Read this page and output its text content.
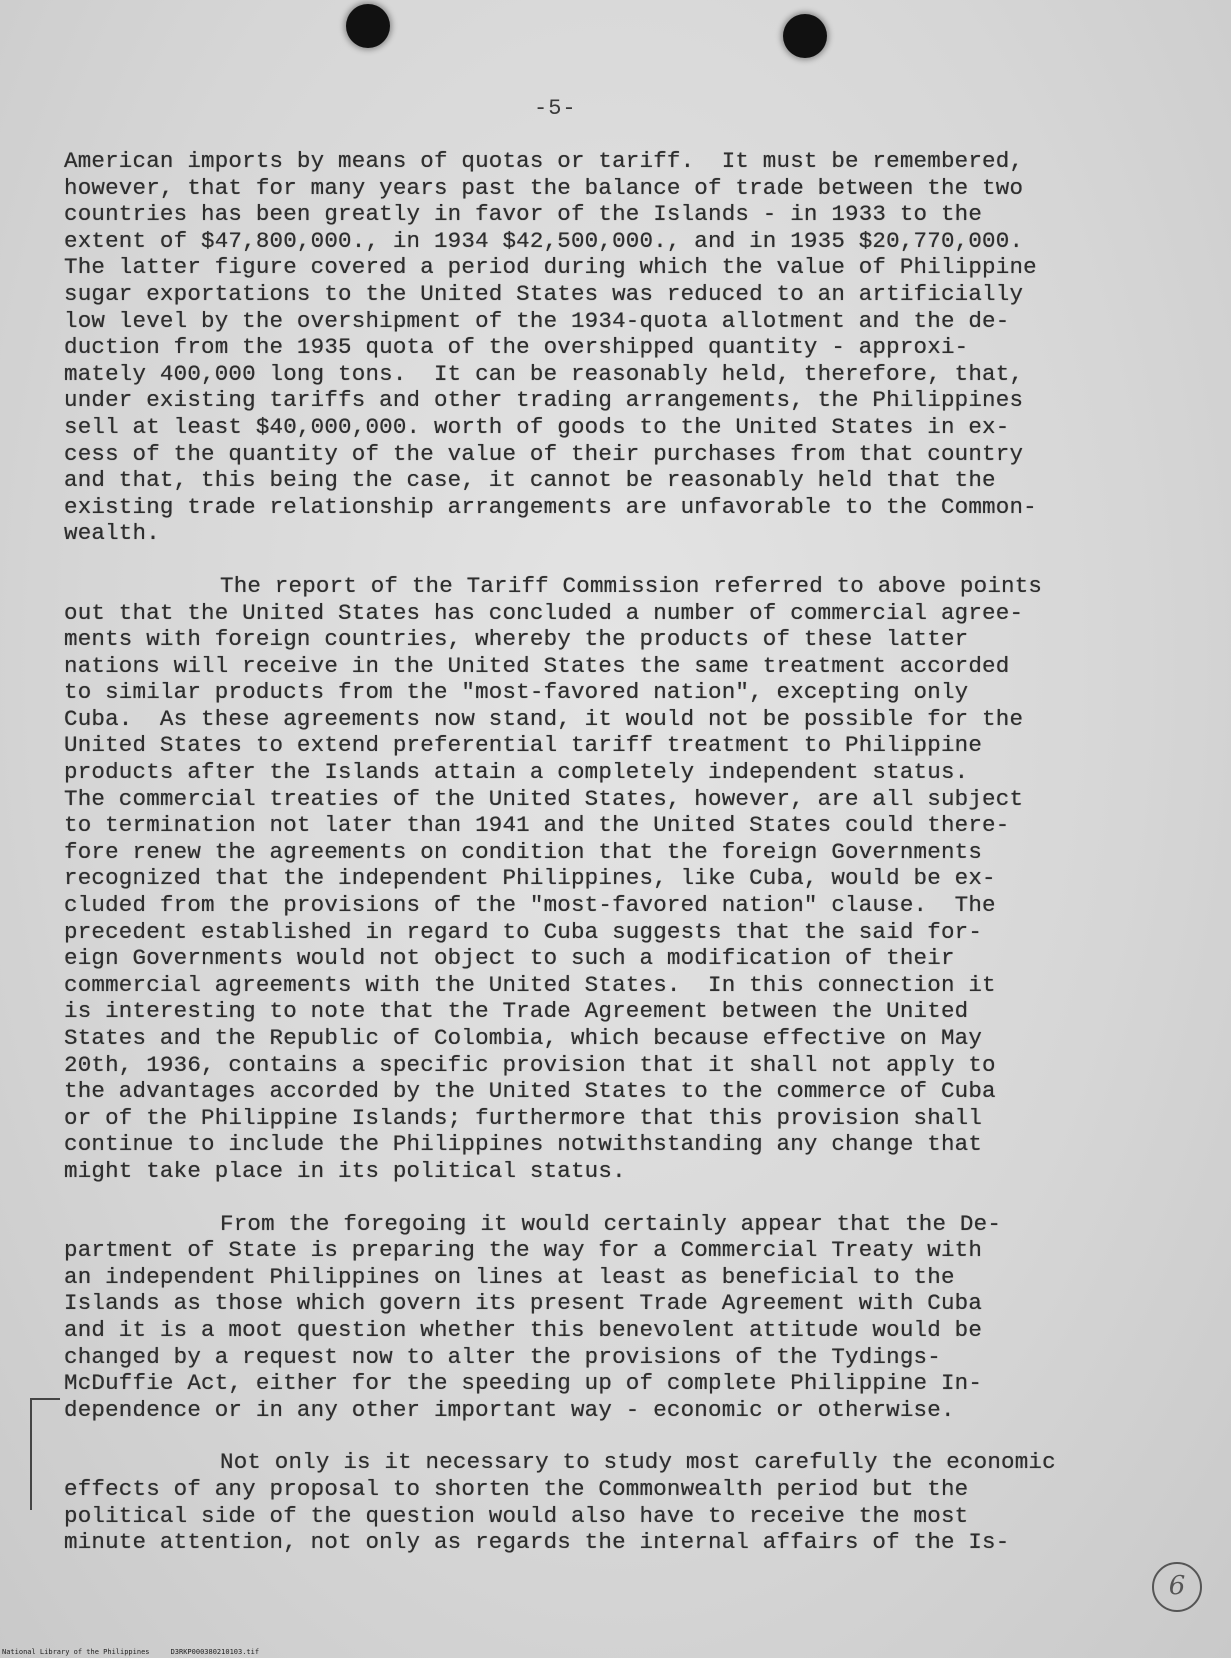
-5-
American imports by means of quotas or tariff.  It must be remembered,
however, that for many years past the balance of trade between the two
countries has been greatly in favor of the Islands - in 1933 to the
extent of $47,800,000., in 1934 $42,500,000., and in 1935 $20,770,000.
The latter figure covered a period during which the value of Philippine
sugar exportations to the United States was reduced to an artificially
low level by the overshipment of the 1934-quota allotment and the de-
duction from the 1935 quota of the overshipped quantity - approxi-
mately 400,000 long tons.  It can be reasonably held, therefore, that,
under existing tariffs and other trading arrangements, the Philippines
sell at least $40,000,000. worth of goods to the United States in ex-
cess of the quantity of the value of their purchases from that country
and that, this being the case, it cannot be reasonably held that the
existing trade relationship arrangements are unfavorable to the Common-
wealth.
The report of the Tariff Commission referred to above points
out that the United States has concluded a number of commercial agree-
ments with foreign countries, whereby the products of these latter
nations will receive in the United States the same treatment accorded
to similar products from the "most-favored nation", excepting only
Cuba.  As these agreements now stand, it would not be possible for the
United States to extend preferential tariff treatment to Philippine
products after the Islands attain a completely independent status.
The commercial treaties of the United States, however, are all subject
to termination not later than 1941 and the United States could there-
fore renew the agreements on condition that the foreign Governments
recognized that the independent Philippines, like Cuba, would be ex-
cluded from the provisions of the "most-favored nation" clause.  The
precedent established in regard to Cuba suggests that the said for-
eign Governments would not object to such a modification of their
commercial agreements with the United States.  In this connection it
is interesting to note that the Trade Agreement between the United
States and the Republic of Colombia, which because effective on May
20th, 1936, contains a specific provision that it shall not apply to
the advantages accorded by the United States to the commerce of Cuba
or of the Philippine Islands; furthermore that this provision shall
continue to include the Philippines notwithstanding any change that
might take place in its political status.
From the foregoing it would certainly appear that the De-
partment of State is preparing the way for a Commercial Treaty with
an independent Philippines on lines at least as beneficial to the
Islands as those which govern its present Trade Agreement with Cuba
and it is a moot question whether this benevolent attitude would be
changed by a request now to alter the provisions of the Tydings-
McDuffie Act, either for the speeding up of complete Philippine In-
dependence or in any other important way - economic or otherwise.
Not only is it necessary to study most carefully the economic
effects of any proposal to shorten the Commonwealth period but the
political side of the question would also have to receive the most
minute attention, not only as regards the internal affairs of the Is-
6
National Library of the Philippines     D3RKP000380210103.tif
